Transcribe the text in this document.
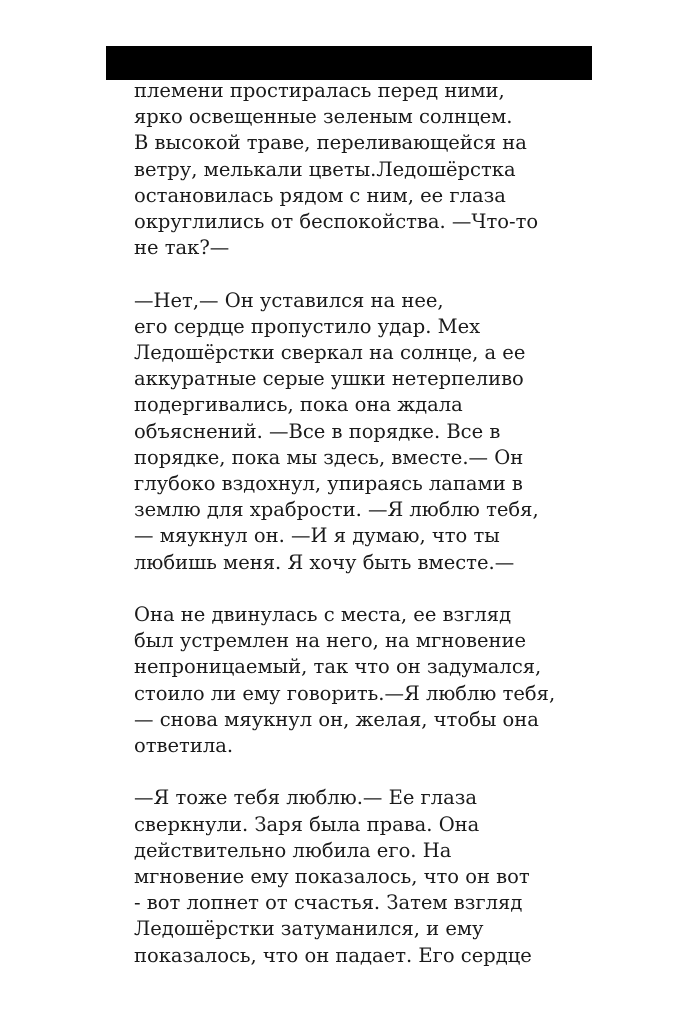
племени простиралась перед ними,
ярко освещенные зеленым солнцем.
В высокой траве, переливающейся на
ветру, мелькали цветы.Ледошёрстка
остановилась рядом с ним, ее глаза
округлились от беспокойства. —Что-то
не так?—

—Нет,— Он уставился на нее,
его сердце пропустило удар. Мех
Ледошёрстки сверкал на солнце, а ее
аккуратные серые ушки нетерпеливо
подергивались, пока она ждала
объяснений. —Все в порядке. Все в
порядке, пока мы здесь, вместе.— Он
глубоко вздохнул, упираясь лапами в
землю для храбрости. —Я люблю тебя,
— мяукнул он. —И я думаю, что ты
любишь меня. Я хочу быть вместе.—

Она не двинулась с места, ее взгляд
был устремлен на него, на мгновение
непроницаемый, так что он задумался,
стоило ли ему говорить.—Я люблю тебя,
— снова мяукнул он, желая, чтобы она
ответила.

—Я тоже тебя люблю.— Ее глаза
сверкнули. Заря была права. Она
действительно любила его. На
мгновение ему показалось, что он вот
- вот лопнет от счастья. Затем взгляд
Ледошёрстки затуманился, и ему
показалось, что он падает. Его сердце
